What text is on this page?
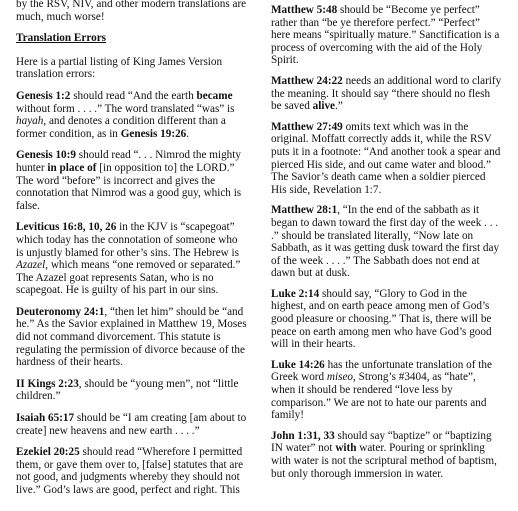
by the RSV, NIV, and other modern translations are much, much worse!

Translation Errors

Here is a partial listing of King James Version translation errors:

Genesis 1:2 should read “And the earth became without form . . . .” The word translated “was” is hayah, and denotes a condition different than a former condition, as in Genesis 19:26.

Genesis 10:9 should read “. . . Nimrod the mighty hunter in place of [in opposition to] the LORD.” The word “before” is incorrect and gives the connotation that Nimrod was a good guy, which is false.

Leviticus 16:8, 10, 26 in the KJV is “scapegoat” which today has the connotation of someone who is unjustly blamed for other’s sins. The Hebrew is Azazel, which means “one removed or separated.” The Azazel goat represents Satan, who is no scapegoat. He is guilty of his part in our sins.

Deuteronomy 24:1, “then let him” should be “and he.” As the Savior explained in Matthew 19, Moses did not command divorcement. This statute is regulating the permission of divorce because of the hardness of their hearts.

II Kings 2:23, should be “young men”, not “little children.”

Isaiah 65:17 should be “I am creating [am about to create] new heavens and new earth . . . .”

Ezekiel 20:25 should read “Wherefore I permitted them, or gave them over to, [false] statutes that are not good, and judgments whereby they should not live.” God’s laws are good, perfect and right. This

Matthew 5:48 should be “Become ye perfect” rather than “be ye therefore perfect.” “Perfect” here means “spiritually mature.” Sanctification is a process of overcoming with the aid of the Holy Spirit.

Matthew 24:22 needs an additional word to clarify the meaning. It should say “there should no flesh be saved alive.”

Matthew 27:49 omits text which was in the original. Moffatt correctly adds it, while the RSV puts it in a footnote: “And another took a spear and pierced His side, and out came water and blood.” The Savior’s death came when a soldier pierced His side, Revelation 1:7.

Matthew 28:1, “In the end of the sabbath as it began to dawn toward the first day of the week . . . .” should be translated literally, “Now late on Sabbath, as it was getting dusk toward the first day of the week . . . .” The Sabbath does not end at dawn but at dusk.

Luke 2:14 should say, “Glory to God in the highest, and on earth peace among men of God’s good pleasure or choosing.” That is, there will be peace on earth among men who have God’s good will in their hearts.

Luke 14:26 has the unfortunate translation of the Greek word miseo, Strong’s #3404, as “hate”, when it should be rendered “love less by comparison.” We are not to hate our parents and family!

John 1:31, 33 should say “baptize” or “baptizing IN water” not with water. Pouring or sprinkling with water is not the scriptural method of baptism, but only thorough immersion in water.
